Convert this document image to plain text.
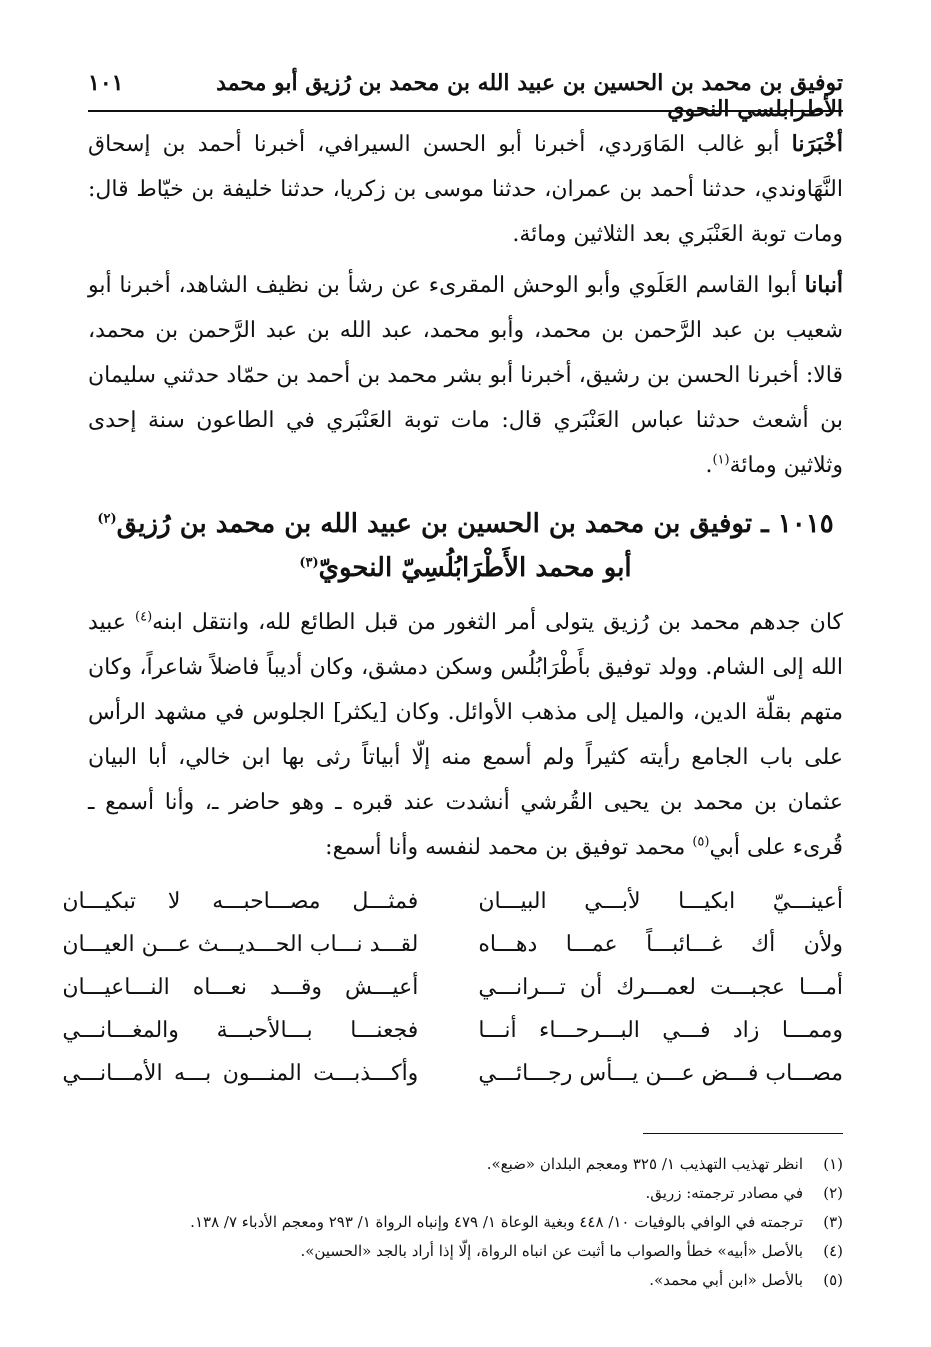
توفيق بن محمد بن الحسين بن عبيد الله بن محمد بن رُزيق أبو محمد الأطرابلسي النحوي
١٠١

أخْبَرَنا أبو غالب المَاوَردي، أخبرنا أبو الحسن السيرافي، أخبرنا أحمد بن إسحاق النَّهَاوندي، حدثنا أحمد بن عمران، حدثنا موسى بن زكريا، حدثنا خليفة بن خيّاط قال: ومات توبة العَنْبَري بعد الثلاثين ومائة.

أنبانا أبوا القاسم العَلَوي وأبو الوحش المقرىء عن رشأ بن نظيف الشاهد، أخبرنا أبو شعيب بن عبد الرَّحمن بن محمد، وأبو محمد، عبد الله بن عبد الرَّحمن بن محمد، قالا: أخبرنا الحسن بن رشيق، أخبرنا أبو بشر محمد بن أحمد بن حمّاد حدثني سليمان بن أشعث حدثنا عباس العَنْبَري قال: مات توبة العَنْبَري في الطاعون سنة إحدى وثلاثين ومائة$^{(١)}$.

١٠١٥ ـ توفيق بن محمد بن الحسين بن عبيد الله بن محمد بن رُزيق$^{(٢)}$
أبو محمد الأَطْرَابُلُسِيّ النحويّ$^{(٣)}$

كان جدهم محمد بن رُزيق يتولى أمر الثغور من قبل الطائع لله، وانتقل ابنه$^{(٤)}$ عبيد الله إلى الشام. وولد توفيق بأَطْرَابُلُس وسكن دمشق، وكان أديباً فاضلاً شاعراً، وكان متهم بقلّة الدين، والميل إلى مذهب الأوائل. وكان [يكثر] الجلوس في مشهد الرأس على باب الجامع رأيته كثيراً ولم أسمع منه إلّا أبياتاً رثى بها ابن خالي، أبا البيان عثمان بن محمد بن يحيى القُرشي أنشدت عند قبره ـ وهو حاضر ـ، وأنا أسمع ـ قُرىء على أبي$^{(٥)}$ محمد توفيق بن محمد لنفسه وأنا أسمع:

أعينـــيّ ابكيـــا لأبـــي البيـــان
فمثـــل مصـــاحبـــه لا تبكيـــان
ولأن أك غـــائبـــاً عمـــا دهـــاه
لقـــد نـــاب الحـــديـــث عـــن العيـــان
أمـــا عجبـــت لعمـــرك أن تـــرانـــي
أعيـــش وقـــد نعـــاه النـــاعيـــان
وممـــا زاد فـــي البـــرحـــاء أنـــا
فجعنـــا بـــالأحبـــة والمغـــانـــي
مصـــاب فـــض عـــن يـــأس رجـــائـــي
وأكـــذبـــت المنـــون بـــه الأمـــانـــي
(١)
انظر تهذيب التهذيب ١/ ٣٢٥ ومعجم البلدان «ضبع».
(٢)
في مصادر ترجمته: زريق.
(٣)
ترجمته في الوافي بالوفيات ١٠/ ٤٤٨ وبغية الوعاة ١/ ٤٧٩ وإنباه الرواة ١/ ٢٩٣ ومعجم الأدباء ٧/ ١٣٨.
(٤)
بالأصل «أبيه» خطأ والصواب ما أثبت عن انباه الرواة، إلّا إذا أراد بالجد «الحسين».
(٥)
بالأصل «ابن أبي محمد».
